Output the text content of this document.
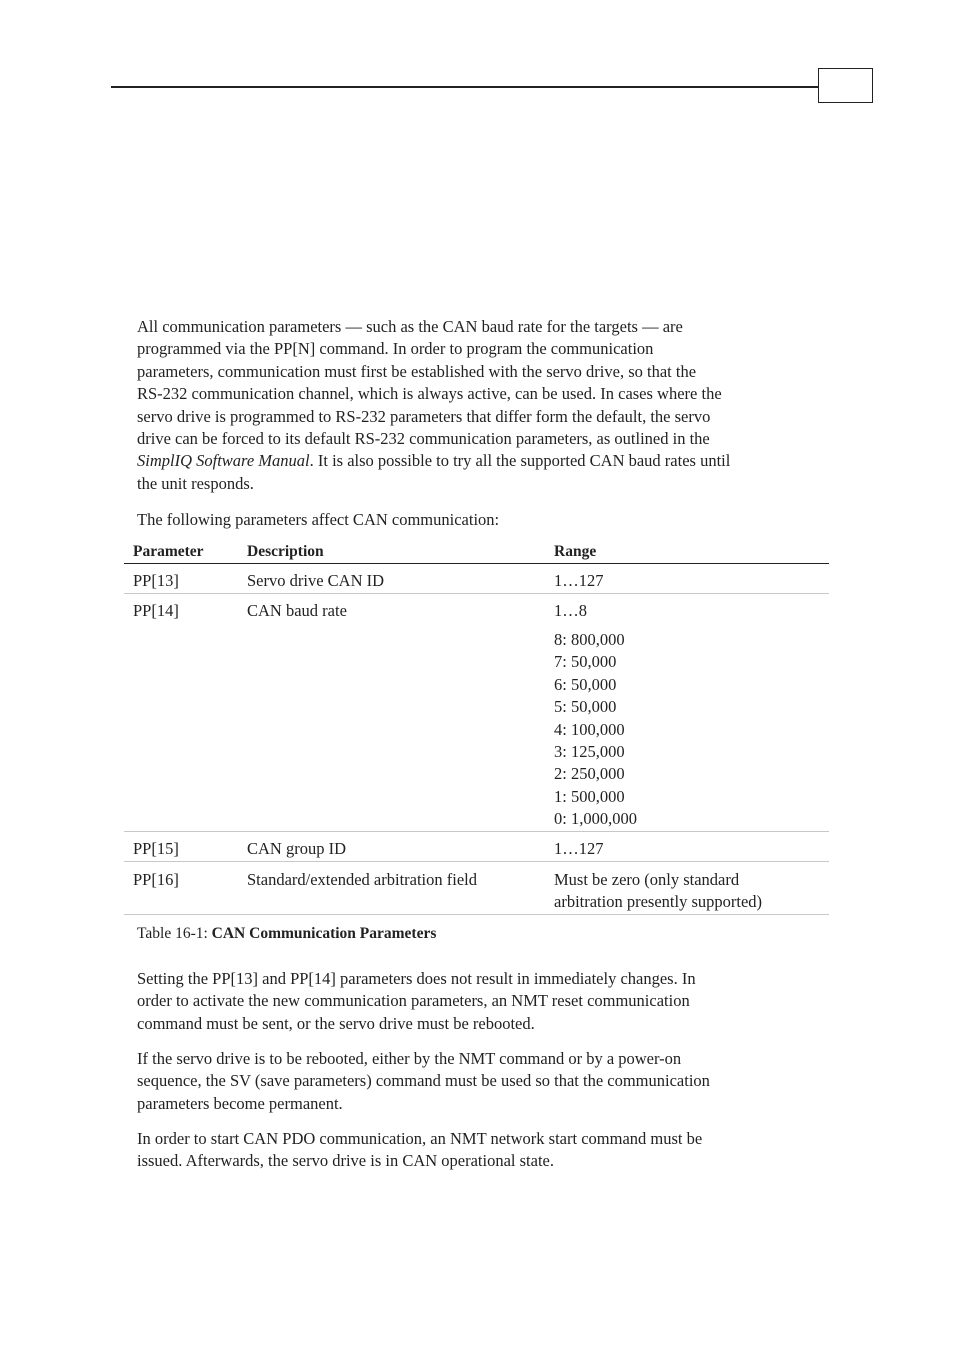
All communication parameters — such as the CAN baud rate for the targets — are
programmed via the PP[N] command. In order to program the communication
parameters, communication must first be established with the servo drive, so that the
RS-232 communication channel, which is always active, can be used. In cases where the
servo drive is programmed to RS-232 parameters that differ form the default, the servo
drive can be forced to its default RS-232 communication parameters, as outlined in the
SimplIQ Software Manual. It is also possible to try all the supported CAN baud rates until
the unit responds.
The following parameters affect CAN communication:
Parameter	Description	Range
PP[13]	Servo drive CAN ID	1…127
PP[14]	CAN baud rate	1…8
8: 800,000
7: 50,000
6: 50,000
5: 50,000
4: 100,000
3: 125,000
2: 250,000
1: 500,000
0: 1,000,000
PP[15]	CAN group ID	1…127
PP[16]	Standard/extended arbitration field	Must be zero (only standard
arbitration presently supported)
Table 16-1: CAN Communication Parameters
Setting the PP[13] and PP[14] parameters does not result in immediately changes. In
order to activate the new communication parameters, an NMT reset communication
command must be sent, or the servo drive must be rebooted.
If the servo drive is to be rebooted, either by the NMT command or by a power-on
sequence, the SV (save parameters) command must be used so that the communication
parameters become permanent.
In order to start CAN PDO communication, an NMT network start command must be
issued. Afterwards, the servo drive is in CAN operational state.
